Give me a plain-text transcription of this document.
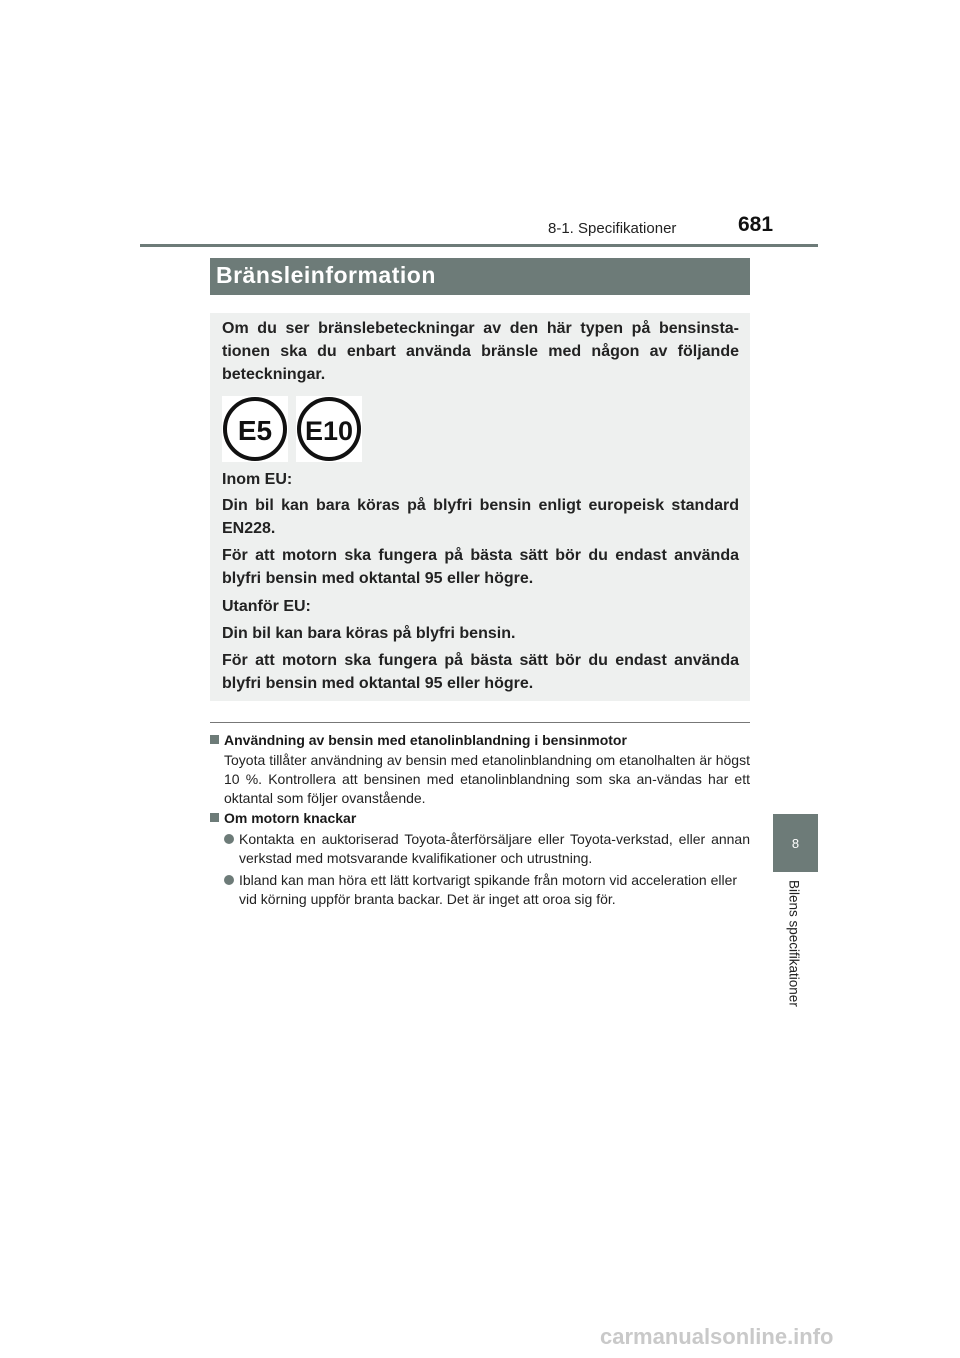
8-1. Specifikationer	681
8
Bilens specifikationer
Bränsleinformation

Om du ser bränslebeteckningar av den här typen på bensinsta-tionen ska du enbart använda bränsle med någon av följande beteckningar.

E5 E10

Inom EU:

Din bil kan bara köras på blyfri bensin enligt europeisk standard EN228.

För att motorn ska fungera på bästa sätt bör du endast använda blyfri bensin med oktantal 95 eller högre.

Utanför EU:

Din bil kan bara köras på blyfri bensin.

För att motorn ska fungera på bästa sätt bör du endast använda blyfri bensin med oktantal 95 eller högre.

Användning av bensin med etanolinblandning i bensinmotor

Toyota tillåter användning av bensin med etanolinblandning om etanolhalten är högst 10 %. Kontrollera att bensinen med etanolinblandning som ska an-vändas har ett oktantal som följer ovanstående.

Om motorn knackar
Kontakta en auktoriserad Toyota-återförsäljare eller Toyota-verkstad, eller annan verkstad med motsvarande kvalifikationer och utrustning.
Ibland kan man höra ett lätt kortvarigt spikande från motorn vid acceleration eller vid körning uppför branta backar. Det är inget att oroa sig för.
carmanualsonline.info
